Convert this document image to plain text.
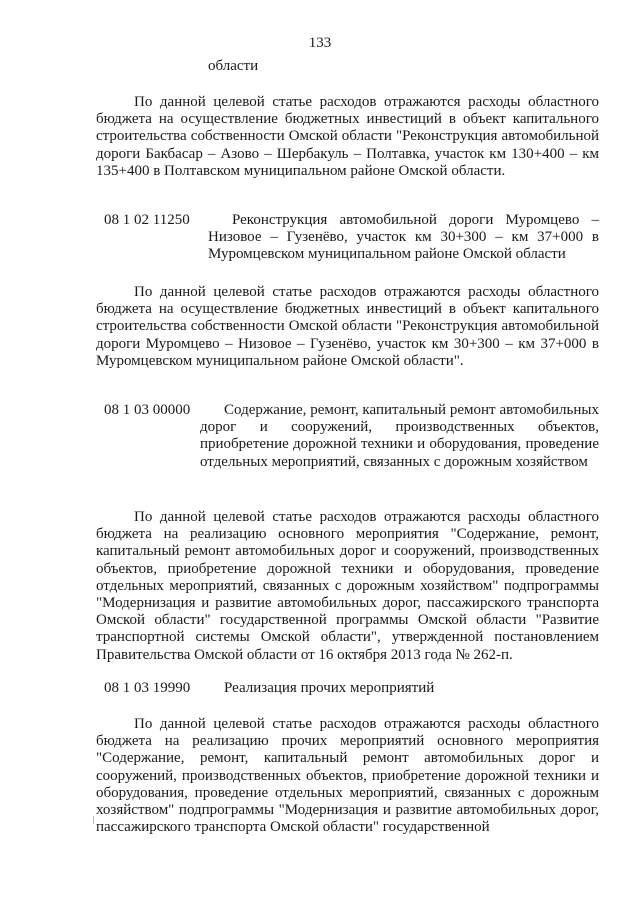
133
области

По данной целевой статье расходов отражаются расходы областного бюджета на осуществление бюджетных инвестиций в объект капитального строительства собственности Омской области "Реконструкция автомобильной дороги Бакбасар – Азово – Шербакуль – Полтавка, участок км 130+400 – км 135+400 в Полтавском муниципальном районе Омской области.

08 1 02 11250	Реконструкция автомобильной дороги Муромцево – Низовое – Гузенёво, участок км 30+300 – км 37+000 в Муромцевском муниципальном районе Омской области

По данной целевой статье расходов отражаются расходы областного бюджета на осуществление бюджетных инвестиций в объект капитального строительства собственности Омской области "Реконструкция автомобильной дороги Муромцево – Низовое – Гузенёво, участок км 30+300 – км 37+000 в Муромцевском муниципальном районе Омской области".

08 1 03 00000	Содержание, ремонт, капитальный ремонт автомобильных дорог и сооружений, производственных объектов, приобретение дорожной техники и оборудования, проведение отдельных мероприятий, связанных с дорожным хозяйством

По данной целевой статье расходов отражаются расходы областного бюджета на реализацию основного мероприятия "Содержание, ремонт, капитальный ремонт автомобильных дорог и сооружений, производственных объектов, приобретение дорожной техники и оборудования, проведение отдельных мероприятий, связанных с дорожным хозяйством" подпрограммы "Модернизация и развитие автомобильных дорог, пассажирского транспорта Омской области" государственной программы Омской области "Развитие транспортной системы Омской области", утвержденной постановлением Правительства Омской области от 16 октября 2013 года № 262-п.

08 1 03 19990	Реализация прочих мероприятий

По данной целевой статье расходов отражаются расходы областного бюджета на реализацию прочих мероприятий основного мероприятия "Содержание, ремонт, капитальный ремонт автомобильных дорог и сооружений, производственных объектов, приобретение дорожной техники и оборудования, проведение отдельных мероприятий, связанных с дорожным хозяйством" подпрограммы "Модернизация и развитие автомобильных дорог, пассажирского транспорта Омской области" государственной
